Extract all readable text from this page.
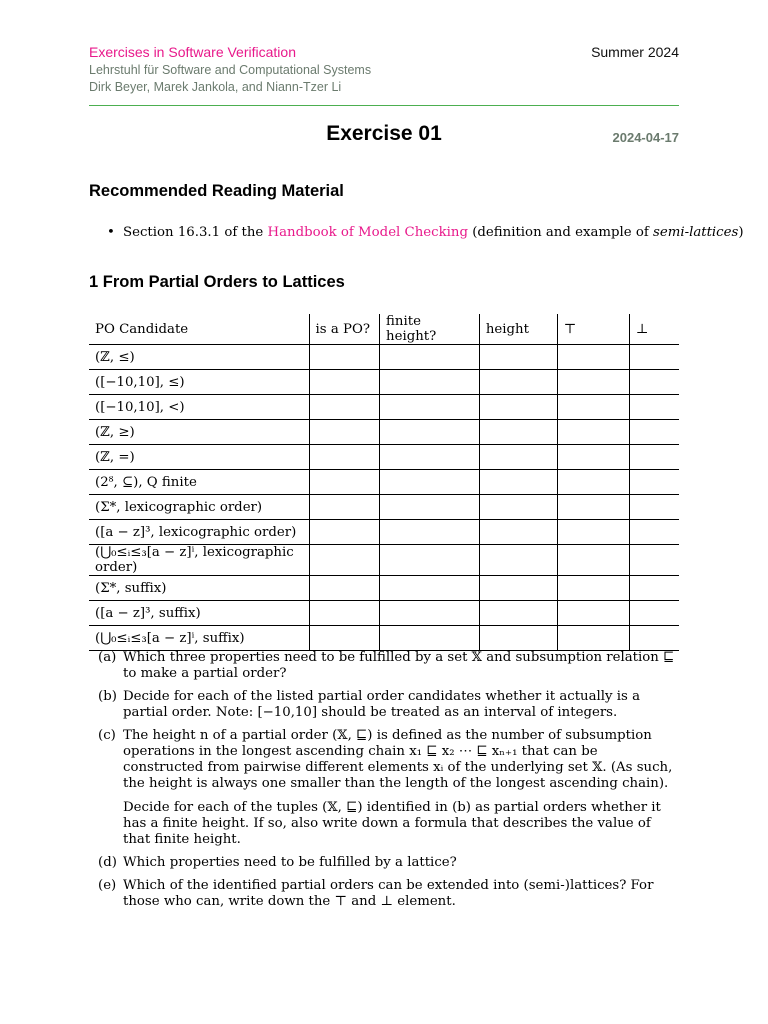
Exercises in Software Verification	Summer 2024
Lehrstuhl für Software and Computational Systems
Dirk Beyer, Marek Jankola, and Niann-Tzer Li
Exercise 01	2024-04-17
Recommended Reading Material
• Section 16.3.1 of the Handbook of Model Checking (definition and example of semi-lattices)
1 From Partial Orders to Lattices
PO Candidate	is a PO?	finite height?	height	⊤	⊥
(ℤ, ≤)					
([−10,10], ≤)					
([−10,10], <)					
(ℤ, ≥)					
(ℤ, =)					
(2ᴽ, ⊆), Q finite					
(Σ*, lexicographic order)					
([a − z]³, lexicographic order)					
(⋃₀≤ᵢ≤₃[a − z]ⁱ, lexicographic order)					
(Σ*, suffix)					
([a − z]³, suffix)					
(⋃₀≤ᵢ≤₃[a − z]ⁱ, suffix)					
(a) Which three properties need to be fulfilled by a set 𝕏 and subsumption relation ⊑ to make a partial order?

(b) Decide for each of the listed partial order candidates whether it actually is a partial order. Note: [−10,10] should be treated as an interval of integers.

(c) The height n of a partial order (𝕏, ⊑) is defined as the number of subsumption operations in the longest ascending chain x₁ ⊑ x₂ ⋯ ⊑ xₙ₊₁ that can be constructed from pairwise different elements xᵢ of the underlying set 𝕏. (As such, the height is always one smaller than the length of the longest ascending chain).

Decide for each of the tuples (𝕏, ⊑) identified in (b) as partial orders whether it has a finite height. If so, also write down a formula that describes the value of that finite height.

(d) Which properties need to be fulfilled by a lattice?

(e) Which of the identified partial orders can be extended into (semi-)lattices? For those who can, write down the ⊤ and ⊥ element.
